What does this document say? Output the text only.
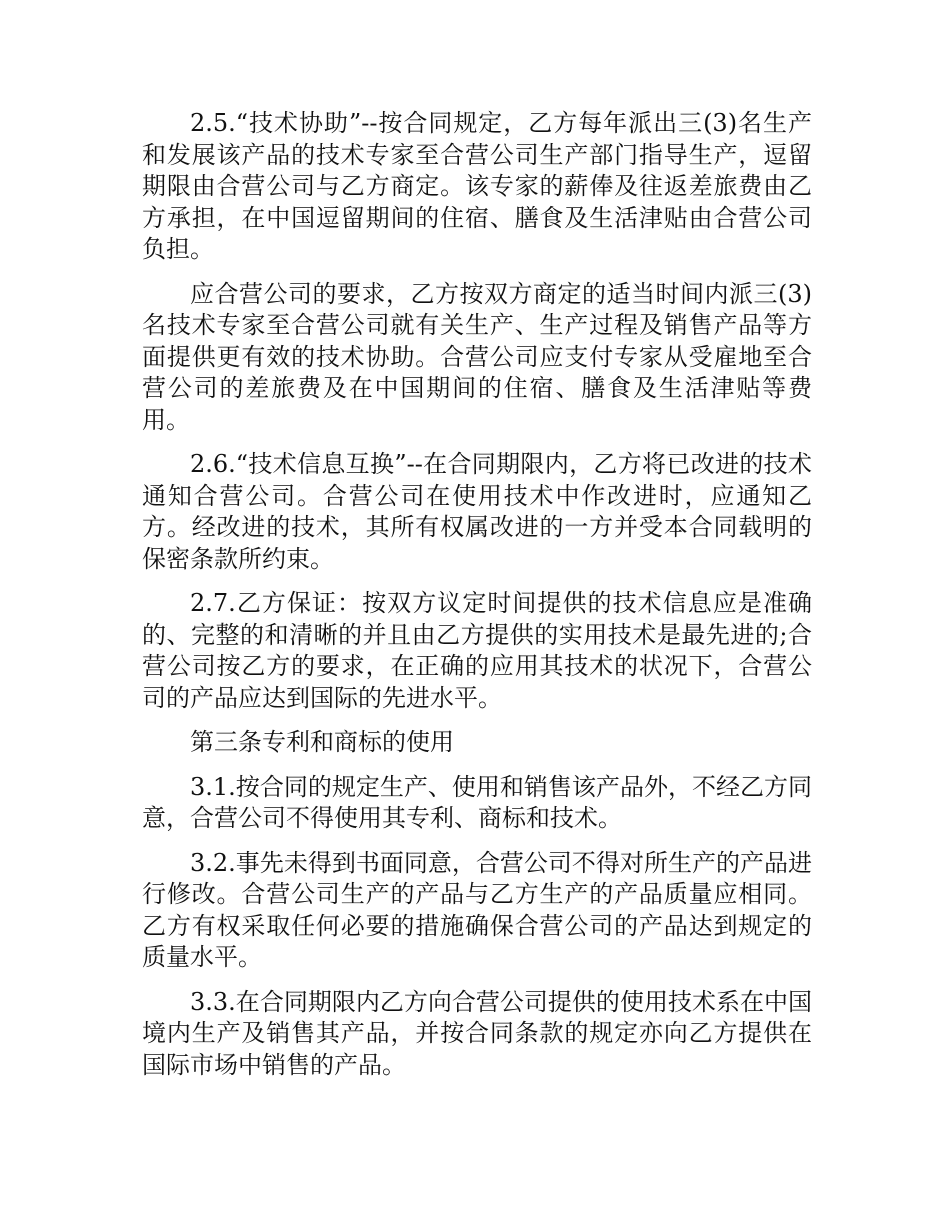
2.5.“技术协助”--按合同规定，乙方每年派出三(3)名生产和发展该产品的技术专家至合营公司生产部门指导生产，逗留期限由合营公司与乙方商定。该专家的薪俸及往返差旅费由乙方承担，在中国逗留期间的住宿、膳食及生活津贴由合营公司负担。

应合营公司的要求，乙方按双方商定的适当时间内派三(3)名技术专家至合营公司就有关生产、生产过程及销售产品等方面提供更有效的技术协助。合营公司应支付专家从受雇地至合营公司的差旅费及在中国期间的住宿、膳食及生活津贴等费用。

2.6.“技术信息互换”--在合同期限内，乙方将已改进的技术通知合营公司。合营公司在使用技术中作改进时，应通知乙方。经改进的技术，其所有权属改进的一方并受本合同载明的保密条款所约束。

2.7.乙方保证：按双方议定时间提供的技术信息应是准确的、完整的和清晰的并且由乙方提供的实用技术是最先进的;合营公司按乙方的要求，在正确的应用其技术的状况下，合营公司的产品应达到国际的先进水平。

第三条专利和商标的使用

3.1.按合同的规定生产、使用和销售该产品外，不经乙方同意，合营公司不得使用其专利、商标和技术。

3.2.事先未得到书面同意，合营公司不得对所生产的产品进行修改。合营公司生产的产品与乙方生产的产品质量应相同。乙方有权采取任何必要的措施确保合营公司的产品达到规定的质量水平。

3.3.在合同期限内乙方向合营公司提供的使用技术系在中国境内生产及销售其产品，并按合同条款的规定亦向乙方提供在国际市场中销售的产品。
